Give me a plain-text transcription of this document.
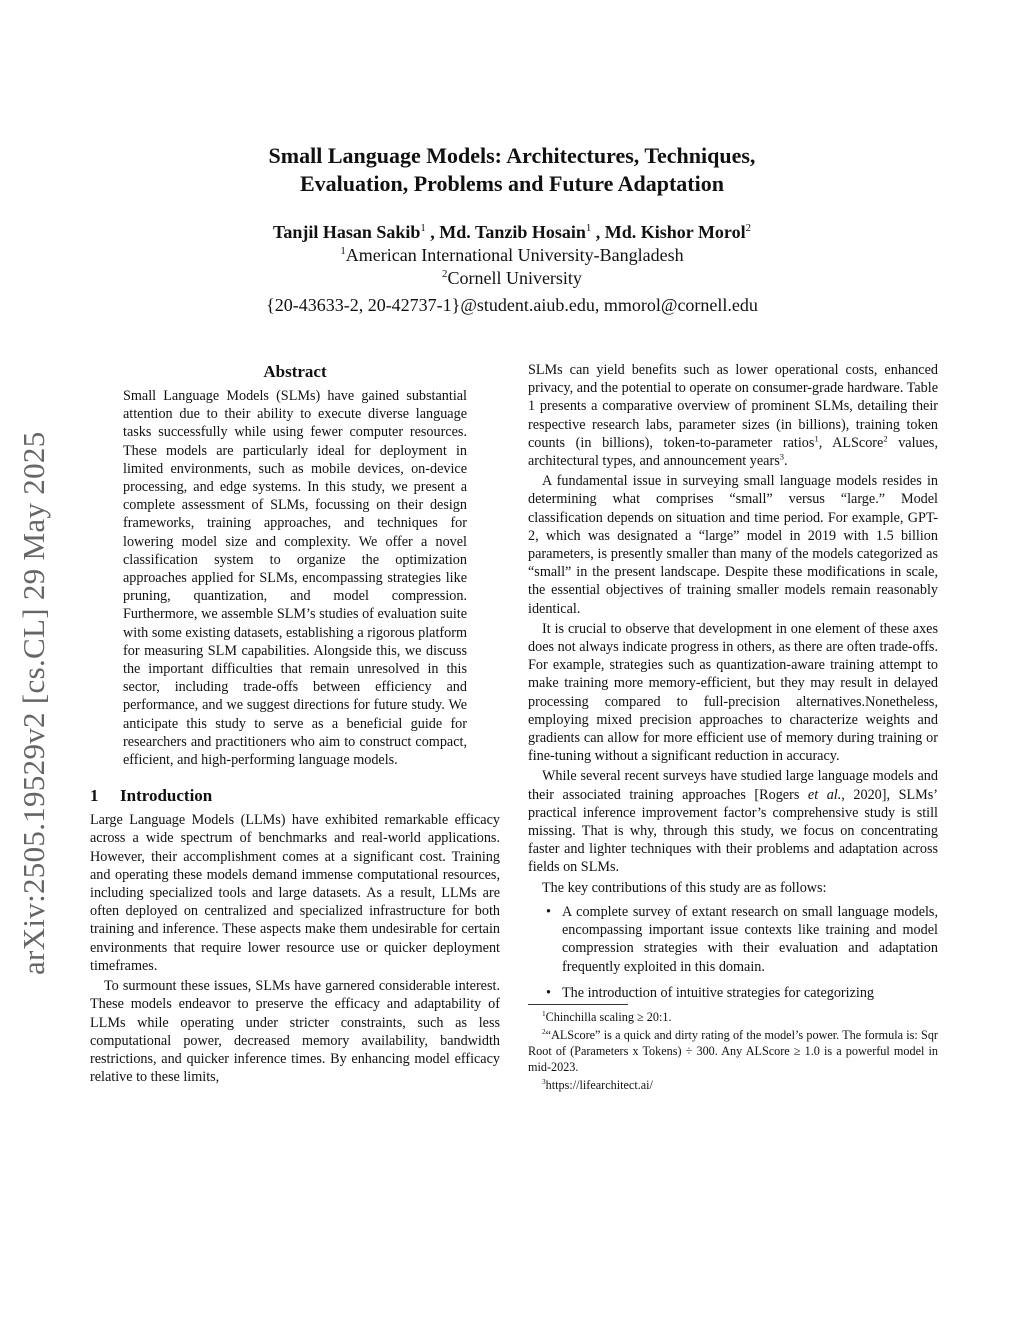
arXiv:2505.19529v2 [cs.CL] 29 May 2025
Small Language Models: Architectures, Techniques,
Evaluation, Problems and Future Adaptation
Tanjil Hasan Sakib$^1$ , Md. Tanzib Hosain$^1$ , Md. Kishor Morol$^2$
$^1$American International University-Bangladesh
$^2$Cornell University
{20-43633-2, 20-42737-1}@student.aiub.edu, mmorol@cornell.edu
Abstract
Small Language Models (SLMs) have gained substantial attention due to their ability to execute diverse language tasks successfully while using fewer computer resources. These models are particularly ideal for deployment in limited environments, such as mobile devices, on-device processing, and edge systems. In this study, we present a complete assessment of SLMs, focussing on their design frameworks, training approaches, and techniques for lowering model size and complexity. We offer a novel classification system to organize the optimization approaches applied for SLMs, encompassing strategies like pruning, quantization, and model compression. Furthermore, we assemble SLM’s studies of evaluation suite with some existing datasets, establishing a rigorous platform for measuring SLM capabilities. Alongside this, we discuss the important difficulties that remain unresolved in this sector, including trade-offs between efficiency and performance, and we suggest directions for future study. We anticipate this study to serve as a beneficial guide for researchers and practitioners who aim to construct compact, efficient, and high-performing language models.
1 Introduction

Large Language Models (LLMs) have exhibited remarkable efficacy across a wide spectrum of benchmarks and real-world applications. However, their accomplishment comes at a significant cost. Training and operating these models demand immense computational resources, including specialized tools and large datasets. As a result, LLMs are often deployed on centralized and specialized infrastructure for both training and inference. These aspects make them undesirable for certain environments that require lower resource use or quicker deployment timeframes.

To surmount these issues, SLMs have garnered considerable interest. These models endeavor to preserve the efficacy and adaptability of LLMs while operating under stricter constraints, such as less computational power, decreased memory availability, bandwidth restrictions, and quicker inference times. By enhancing model efficacy relative to these limits,

SLMs can yield benefits such as lower operational costs, enhanced privacy, and the potential to operate on consumer-grade hardware. Table 1 presents a comparative overview of prominent SLMs, detailing their respective research labs, parameter sizes (in billions), training token counts (in billions), token-to-parameter ratios$^1$, ALScore$^2$ values, architectural types, and announcement years$^3$.

A fundamental issue in surveying small language models resides in determining what comprises “small” versus “large.” Model classification depends on situation and time period. For example, GPT-2, which was designated a “large” model in 2019 with 1.5 billion parameters, is presently smaller than many of the models categorized as “small” in the present landscape. Despite these modifications in scale, the essential objectives of training smaller models remain reasonably identical.

It is crucial to observe that development in one element of these axes does not always indicate progress in others, as there are often trade-offs. For example, strategies such as quantization-aware training attempt to make training more memory-efficient, but they may result in delayed processing compared to full-precision alternatives.Nonetheless, employing mixed precision approaches to characterize weights and gradients can allow for more efficient use of memory during training or fine-tuning without a significant reduction in accuracy.

While several recent surveys have studied large language models and their associated training approaches [Rogers et al., 2020], SLMs’ practical inference improvement factor’s comprehensive study is still missing. That is why, through this study, we focus on concentrating faster and lighter techniques with their problems and adaptation across fields on SLMs.

The key contributions of this study are as follows:

• A complete survey of extant research on small language models, encompassing important issue contexts like training and model compression strategies with their evaluation and adaptation frequently exploited in this domain.
• The introduction of intuitive strategies for categorizing

$^1$Chinchilla scaling ≥ 20:1.

$^2$“ALScore” is a quick and dirty rating of the model’s power. The formula is: Sqr Root of (Parameters x Tokens) ÷ 300. Any ALScore ≥ 1.0 is a powerful model in mid-2023.

$^3$https://lifearchitect.ai/
